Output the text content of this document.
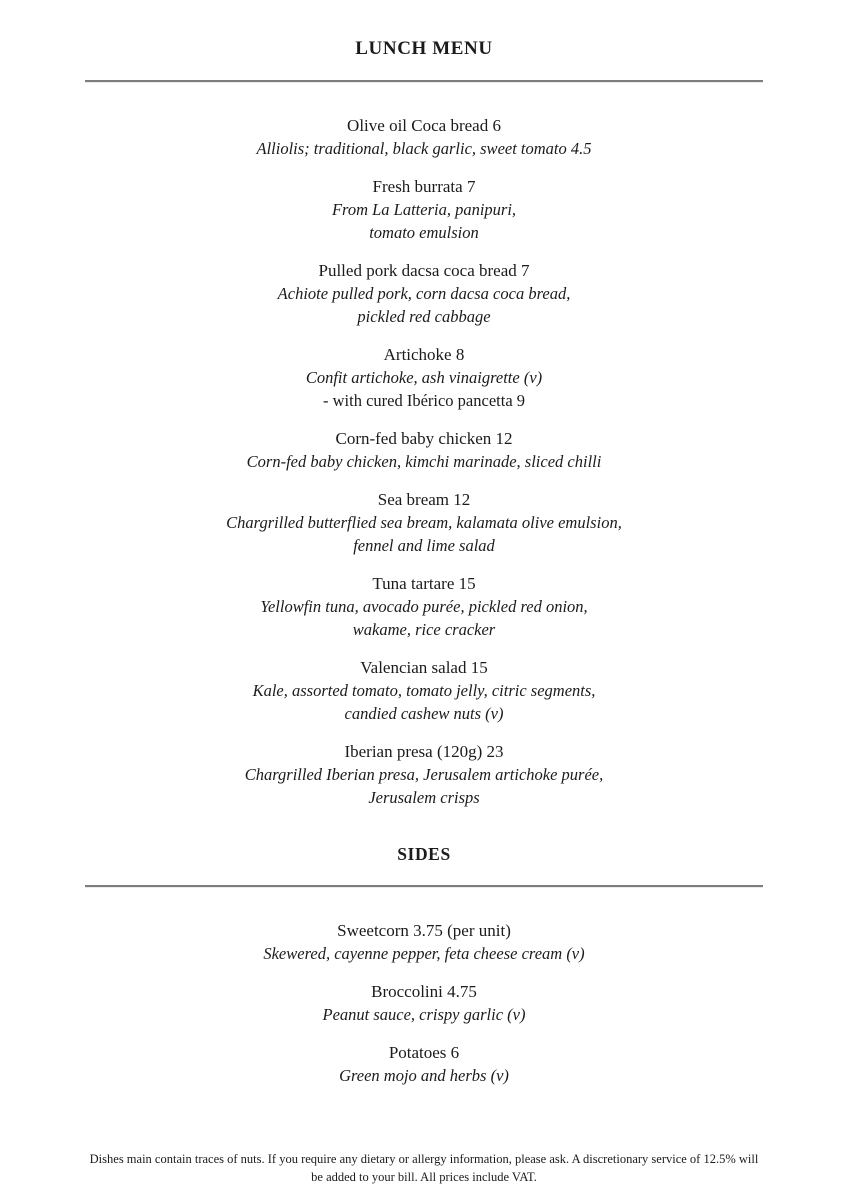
LUNCH MENU
Olive oil Coca bread 6
Alliolis; traditional, black garlic, sweet tomato 4.5
Fresh burrata 7
From La Latteria, panipuri,
tomato emulsion
Pulled pork dacsa coca bread 7
Achiote pulled pork, corn dacsa coca bread,
pickled red cabbage
Artichoke 8
Confit artichoke, ash vinaigrette (v)
- with cured Ibérico pancetta 9
Corn-fed baby chicken 12
Corn-fed baby chicken, kimchi marinade, sliced chilli
Sea bream 12
Chargrilled butterflied sea bream, kalamata olive emulsion,
fennel and lime salad
Tuna tartare 15
Yellowfin tuna, avocado purée, pickled red onion,
wakame, rice cracker
Valencian salad 15
Kale, assorted tomato, tomato jelly, citric segments,
candied cashew nuts (v)
Iberian presa (120g) 23
Chargrilled Iberian presa, Jerusalem artichoke purée,
Jerusalem crisps
SIDES
Sweetcorn 3.75 (per unit)
Skewered, cayenne pepper, feta cheese cream (v)
Broccolini 4.75
Peanut sauce, crispy garlic (v)
Potatoes 6
Green mojo and herbs (v)
Dishes main contain traces of nuts. If you require any dietary or allergy information, please ask. A discretionary service of 12.5% will be added to your bill. All prices include VAT.
